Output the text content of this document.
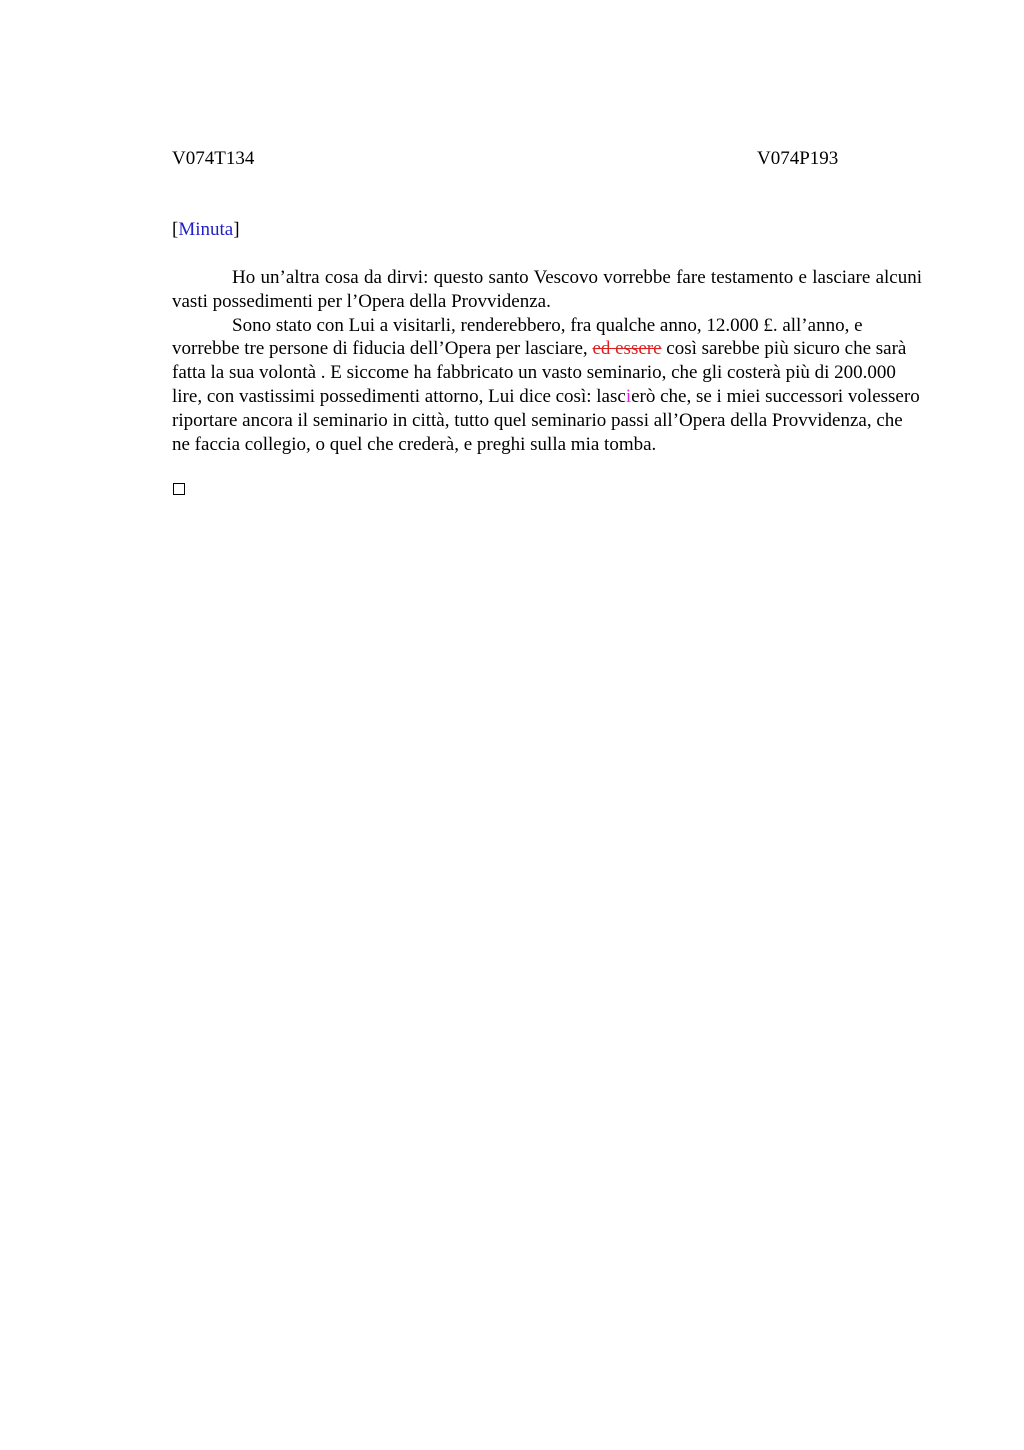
V074T134	V074P193
[Minuta]

Ho un’altra cosa da dirvi: questo santo Vescovo vorrebbe fare testamento e lasciare alcuni vasti possedimenti per l’Opera della Provvidenza.

Sono stato con Lui a visitarli, renderebbero, fra qualche anno, 12.000 £. all’anno, e vorrebbe tre persone di fiducia dell’Opera per lasciare, ed essere così sarebbe più sicuro che sarà fatta la sua volontà . E siccome ha fabbricato un vasto seminario, che gli costerà più di 200.000 lire, con vastissimi possedimenti attorno, Lui dice così: lascierò che, se i miei successori volessero riportare ancora il seminario in città, tutto quel seminario passi all’Opera della Provvidenza, che ne faccia collegio, o quel che crederà, e preghi sulla mia tomba.
